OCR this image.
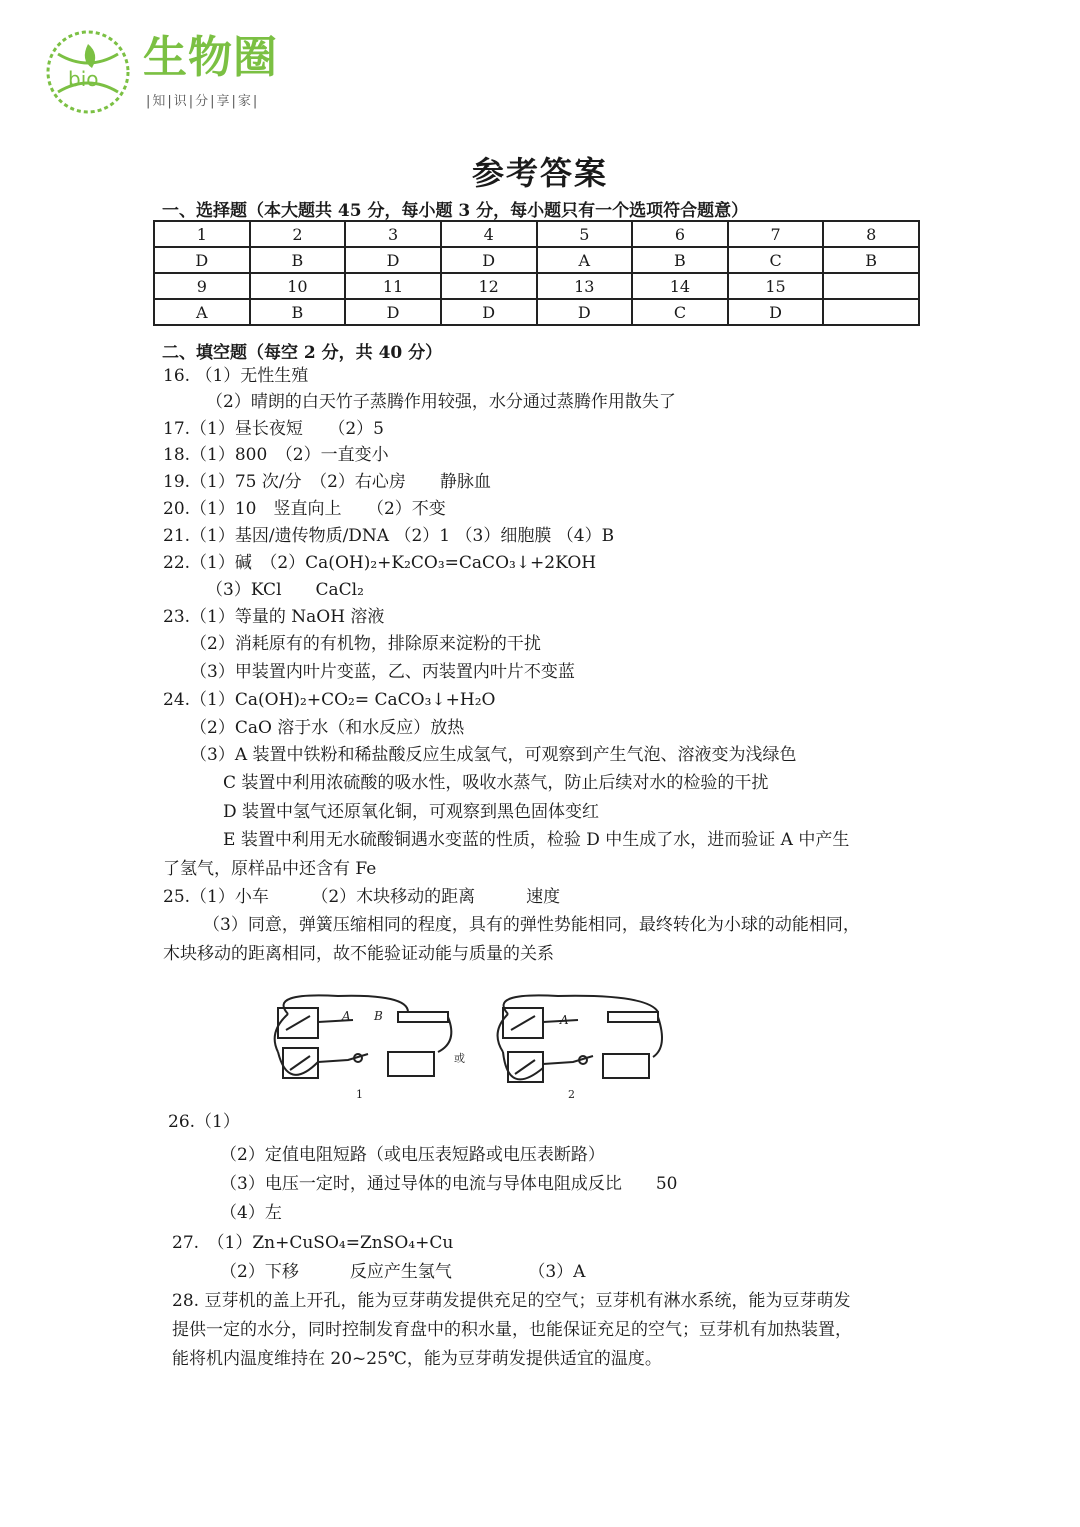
bio 生物圈
|知|识|分|享|家|
参考答案
一、选择题（本大题共 45 分，每小题 3 分，每小题只有一个选项符合题意）
1	2	3	4	5	6	7	8
D	B	D	D	A	B	C	B
9	10	11	12	13	14	15	
A	B	D	D	D	C	D	
二、填空题（每空 2 分，共 40 分）
16. （1）无性生殖
（2）晴朗的白天竹子蒸腾作用较强，水分通过蒸腾作用散失了
17.（1）昼长夜短　　（2）5
18.（1）800　（2）一直变小
19.（1）75 次/分　（2）右心房　　静脉血
20.（1）10　竖直向上　　（2）不变
21.（1）基因/遗传物质/DNA （2）1 （3）细胞膜 （4）B
22.（1）碱　（2）Ca(OH)₂+K₂CO₃=CaCO₃↓+2KOH
（3）KCl　　CaCl₂
23.（1）等量的 NaOH 溶液
（2）消耗原有的有机物，排除原来淀粉的干扰
（3）甲装置内叶片变蓝，乙、丙装置内叶片不变蓝
24.（1）Ca(OH)₂+CO₂= CaCO₃↓+H₂O
（2）CaO 溶于水（和水反应）放热
（3）A 装置中铁粉和稀盐酸反应生成氢气，可观察到产生气泡、溶液变为浅绿色
C 装置中利用浓硫酸的吸水性，吸收水蒸气，防止后续对水的检验的干扰
D 装置中氢气还原氧化铜，可观察到黑色固体变红
E 装置中利用无水硫酸铜遇水变蓝的性质，检验 D 中生成了水，进而验证 A 中产生
了氢气，原样品中还含有 Fe
25.（1）小车　　　（2）木块移动的距离　　　速度
（3）同意，弹簧压缩相同的程度，具有的弹性势能相同，最终转化为小球的动能相同，
木块移动的距离相同，故不能验证动能与质量的关系
A B	A
或
1	2
26.（1）
（2）定值电阻短路（或电压表短路或电压表断路）
（3）电压一定时，通过导体的电流与导体电阻成反比　　50
（4）左
27.　（1）Zn+CuSO₄=ZnSO₄+Cu
（2）下移　　　反应产生氢气　　　　　（3）A
28. 豆芽机的盖上开孔，能为豆芽萌发提供充足的空气；豆芽机有淋水系统，能为豆芽萌发
提供一定的水分，同时控制发育盘中的积水量，也能保证充足的空气；豆芽机有加热装置，
能将机内温度维持在 20~25℃，能为豆芽萌发提供适宜的温度。
